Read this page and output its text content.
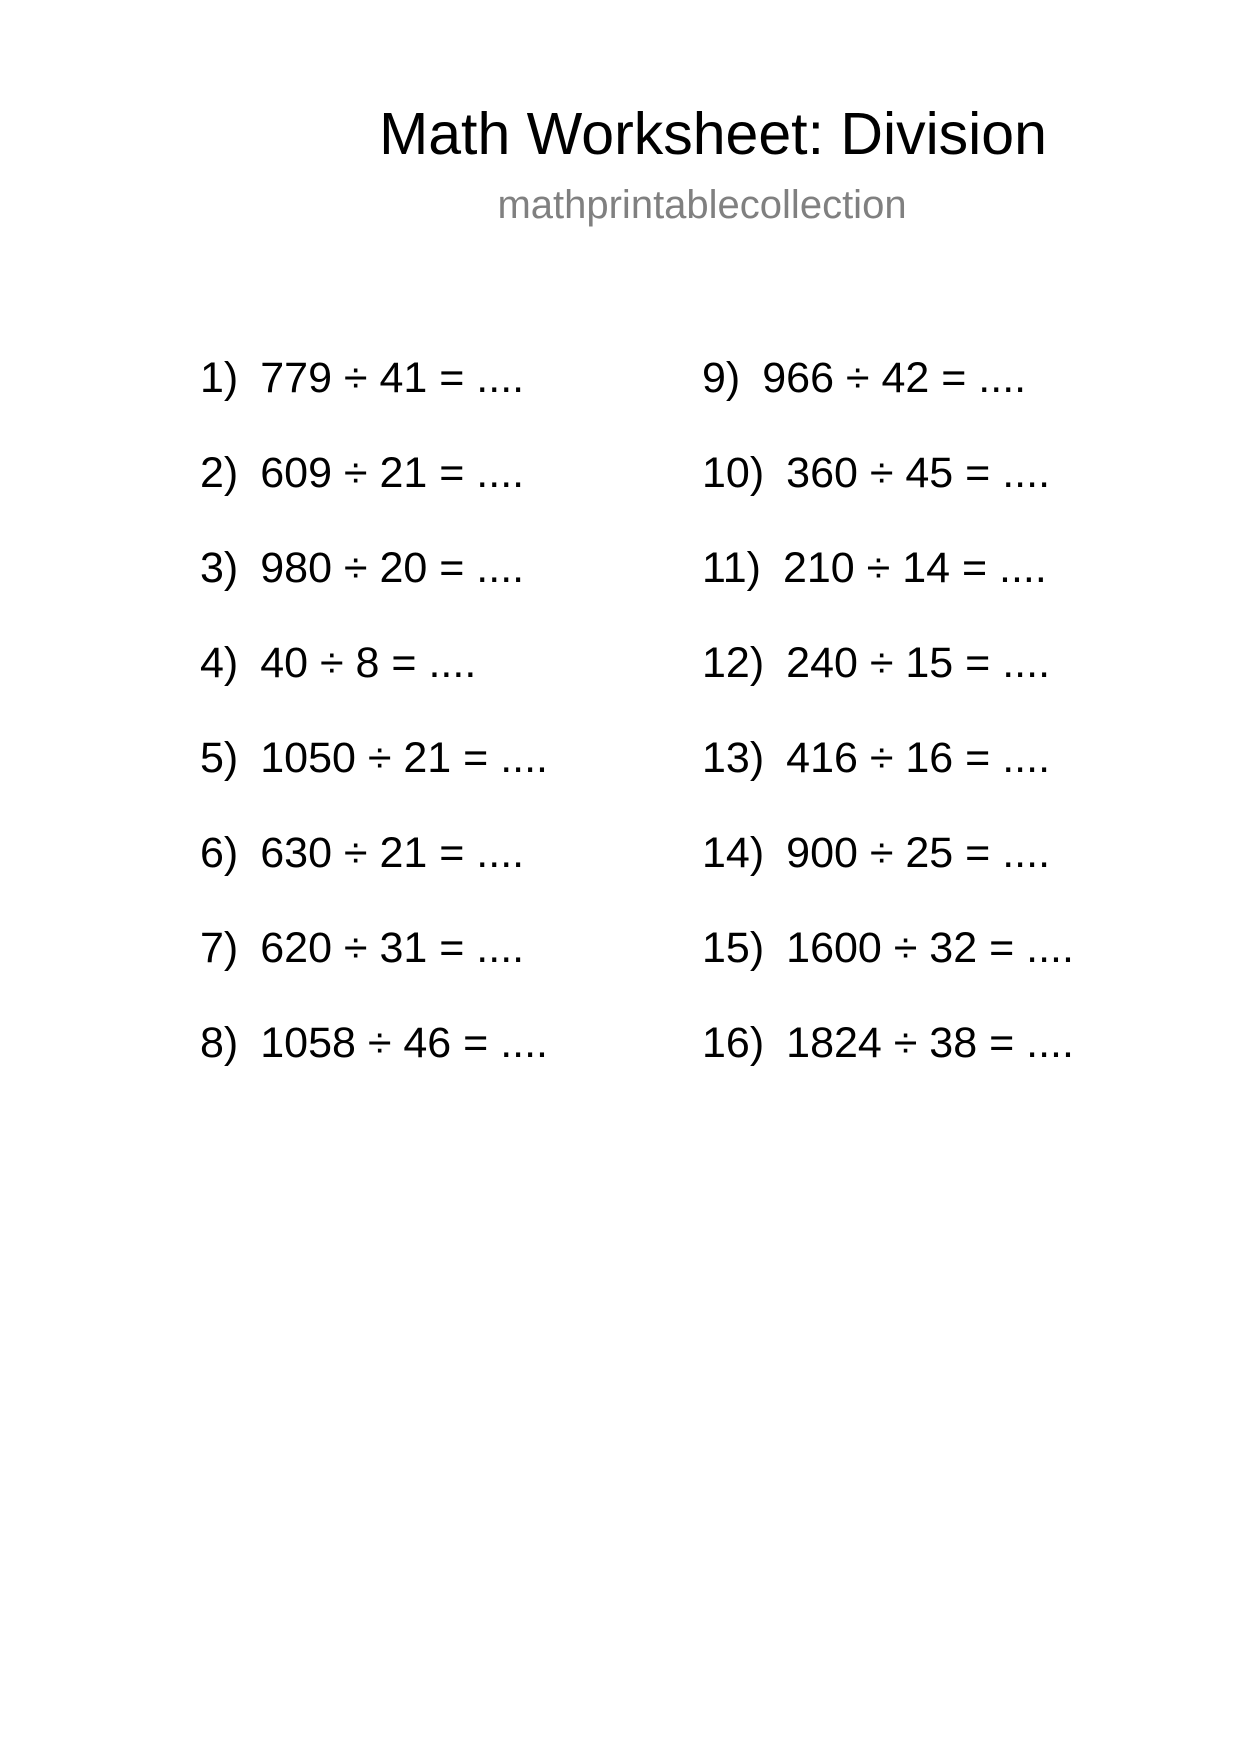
Math Worksheet: Division
mathprintablecollection
1) 779 ÷ 41 = ....
2) 609 ÷ 21 = ....
3) 980 ÷ 20 = ....
4) 40 ÷ 8 = ....
5) 1050 ÷ 21 = ....
6) 630 ÷ 21 = ....
7) 620 ÷ 31 = ....
8) 1058 ÷ 46 = ....
9) 966 ÷ 42 = ....
10) 360 ÷ 45 = ....
11) 210 ÷ 14 = ....
12) 240 ÷ 15 = ....
13) 416 ÷ 16 = ....
14) 900 ÷ 25 = ....
15) 1600 ÷ 32 = ....
16) 1824 ÷ 38 = ....
